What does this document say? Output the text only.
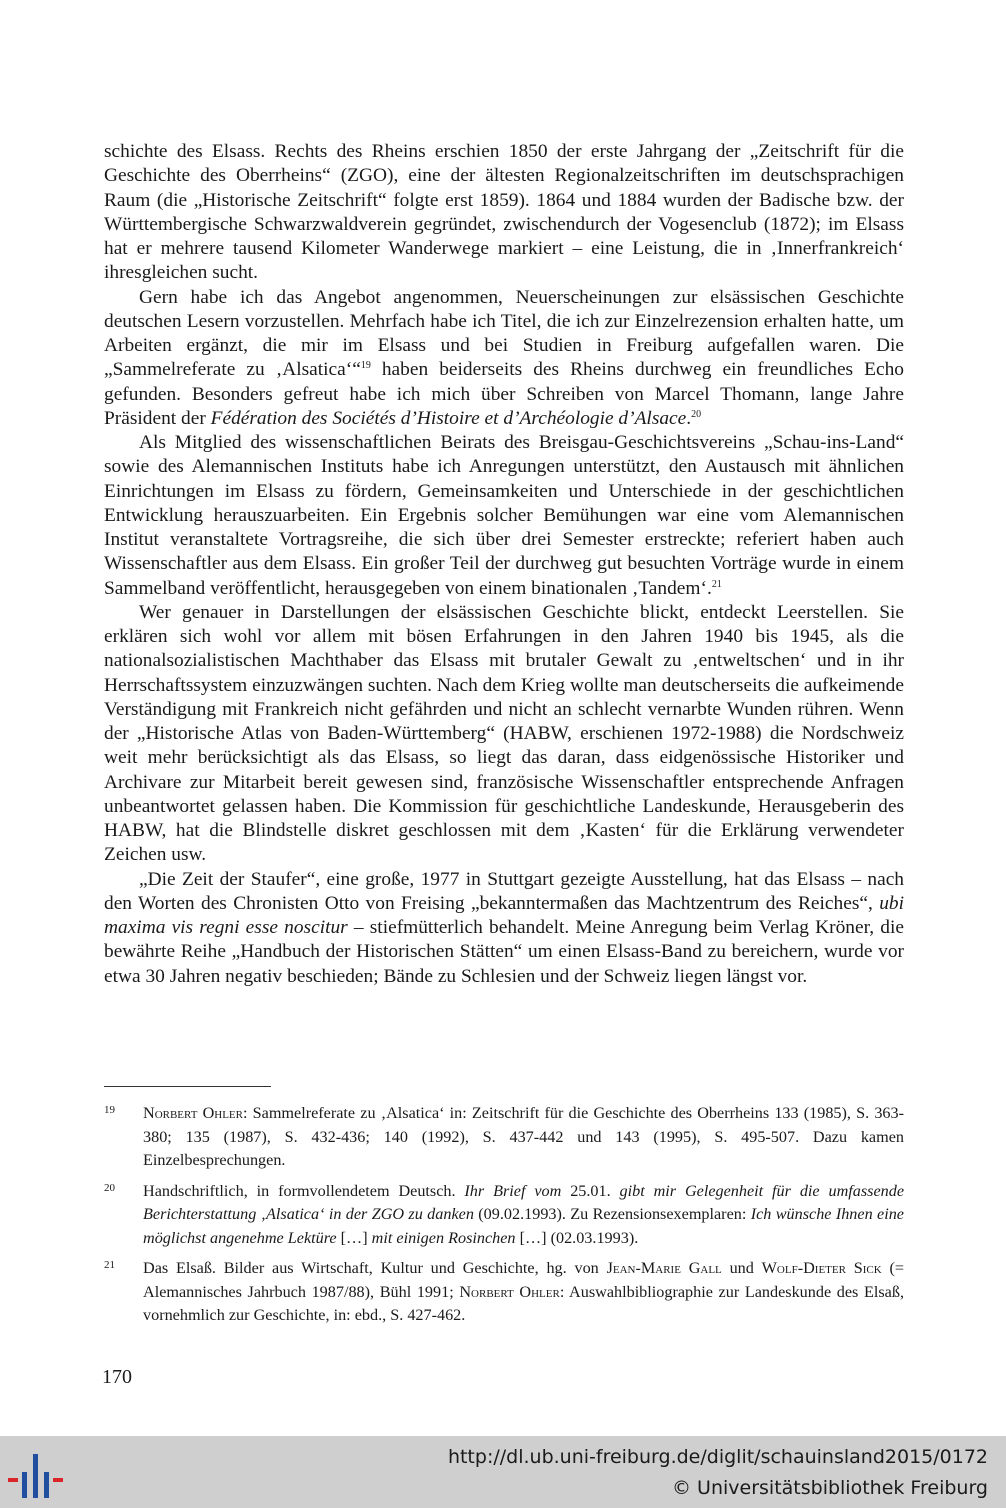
schichte des Elsass. Rechts des Rheins erschien 1850 der erste Jahrgang der „Zeitschrift für die Geschichte des Oberrheins“ (ZGO), eine der ältesten Regionalzeitschriften im deutschsprachigen Raum (die „Historische Zeitschrift“ folgte erst 1859). 1864 und 1884 wurden der Badische bzw. der Württembergische Schwarzwaldverein gegründet, zwischendurch der Vogesenclub (1872); im Elsass hat er mehrere tausend Kilometer Wanderwege markiert – eine Leistung, die in ‚Innerfrankreich‘ ihresgleichen sucht.

Gern habe ich das Angebot angenommen, Neuerscheinungen zur elsässischen Geschichte deutschen Lesern vorzustellen. Mehrfach habe ich Titel, die ich zur Einzelrezension erhalten hatte, um Arbeiten ergänzt, die mir im Elsass und bei Studien in Freiburg aufgefallen waren. Die „Sammelreferate zu ‚Alsatica‘“$^{19}$ haben beiderseits des Rheins durchweg ein freundliches Echo gefunden. Besonders gefreut habe ich mich über Schreiben von Marcel Thomann, lange Jahre Präsident der Fédération des Sociétés d’Histoire et d’Archéologie d’Alsace.$^{20}$

Als Mitglied des wissenschaftlichen Beirats des Breisgau-Geschichtsvereins „Schau-ins-Land“ sowie des Alemannischen Instituts habe ich Anregungen unterstützt, den Austausch mit ähnlichen Einrichtungen im Elsass zu fördern, Gemeinsamkeiten und Unterschiede in der geschichtlichen Entwicklung herauszuarbeiten. Ein Ergebnis solcher Bemühungen war eine vom Alemannischen Institut veranstaltete Vortragsreihe, die sich über drei Semester erstreckte; referiert haben auch Wissenschaftler aus dem Elsass. Ein großer Teil der durchweg gut besuchten Vorträge wurde in einem Sammelband veröffentlicht, herausgegeben von einem binationalen ‚Tandem‘.$^{21}$

Wer genauer in Darstellungen der elsässischen Geschichte blickt, entdeckt Leerstellen. Sie erklären sich wohl vor allem mit bösen Erfahrungen in den Jahren 1940 bis 1945, als die nationalsozialistischen Machthaber das Elsass mit brutaler Gewalt zu ‚entweltschen‘ und in ihr Herrschaftssystem einzuzwängen suchten. Nach dem Krieg wollte man deutscherseits die aufkeimende Verständigung mit Frankreich nicht gefährden und nicht an schlecht vernarbte Wunden rühren. Wenn der „Historische Atlas von Baden-Württemberg“ (HABW, erschienen 1972-1988) die Nordschweiz weit mehr berücksichtigt als das Elsass, so liegt das daran, dass eidgenössische Historiker und Archivare zur Mitarbeit bereit gewesen sind, französische Wissenschaftler entsprechende Anfragen unbeantwortet gelassen haben. Die Kommission für geschichtliche Landeskunde, Herausgeberin des HABW, hat die Blindstelle diskret geschlossen mit dem ‚Kasten‘ für die Erklärung verwendeter Zeichen usw.

„Die Zeit der Staufer“, eine große, 1977 in Stuttgart gezeigte Ausstellung, hat das Elsass – nach den Worten des Chronisten Otto von Freising „bekanntermaßen das Machtzentrum des Reiches“, ubi maxima vis regni esse noscitur – stiefmütterlich behandelt. Meine Anregung beim Verlag Kröner, die bewährte Reihe „Handbuch der Historischen Stätten“ um einen Elsass-Band zu bereichern, wurde vor etwa 30 Jahren negativ beschieden; Bände zu Schlesien und der Schweiz liegen längst vor.

19 Norbert Ohler: Sammelreferate zu ‚Alsatica‘ in: Zeitschrift für die Geschichte des Oberrheins 133 (1985), S. 363-380; 135 (1987), S. 432-436; 140 (1992), S. 437-442 und 143 (1995), S. 495-507. Dazu kamen Einzelbesprechungen.
20 Handschriftlich, in formvollendetem Deutsch. Ihr Brief vom 25.01. gibt mir Gelegenheit für die umfassende Berichterstattung ‚Alsatica‘ in der ZGO zu danken (09.02.1993). Zu Rezensionsexemplaren: Ich wünsche Ihnen eine möglichst angenehme Lektüre […] mit einigen Rosinchen […] (02.03.1993).
21 Das Elsaß. Bilder aus Wirtschaft, Kultur und Geschichte, hg. von Jean-Marie Gall und Wolf-Dieter Sick (= Alemannisches Jahrbuch 1987/88), Bühl 1991; Norbert Ohler: Auswahlbibliographie zur Landeskunde des Elsaß, vornehmlich zur Geschichte, in: ebd., S. 427-462.
170
http://dl.ub.uni-freiburg.de/diglit/schauinsland2015/0172
© Universitätsbibliothek Freiburg
